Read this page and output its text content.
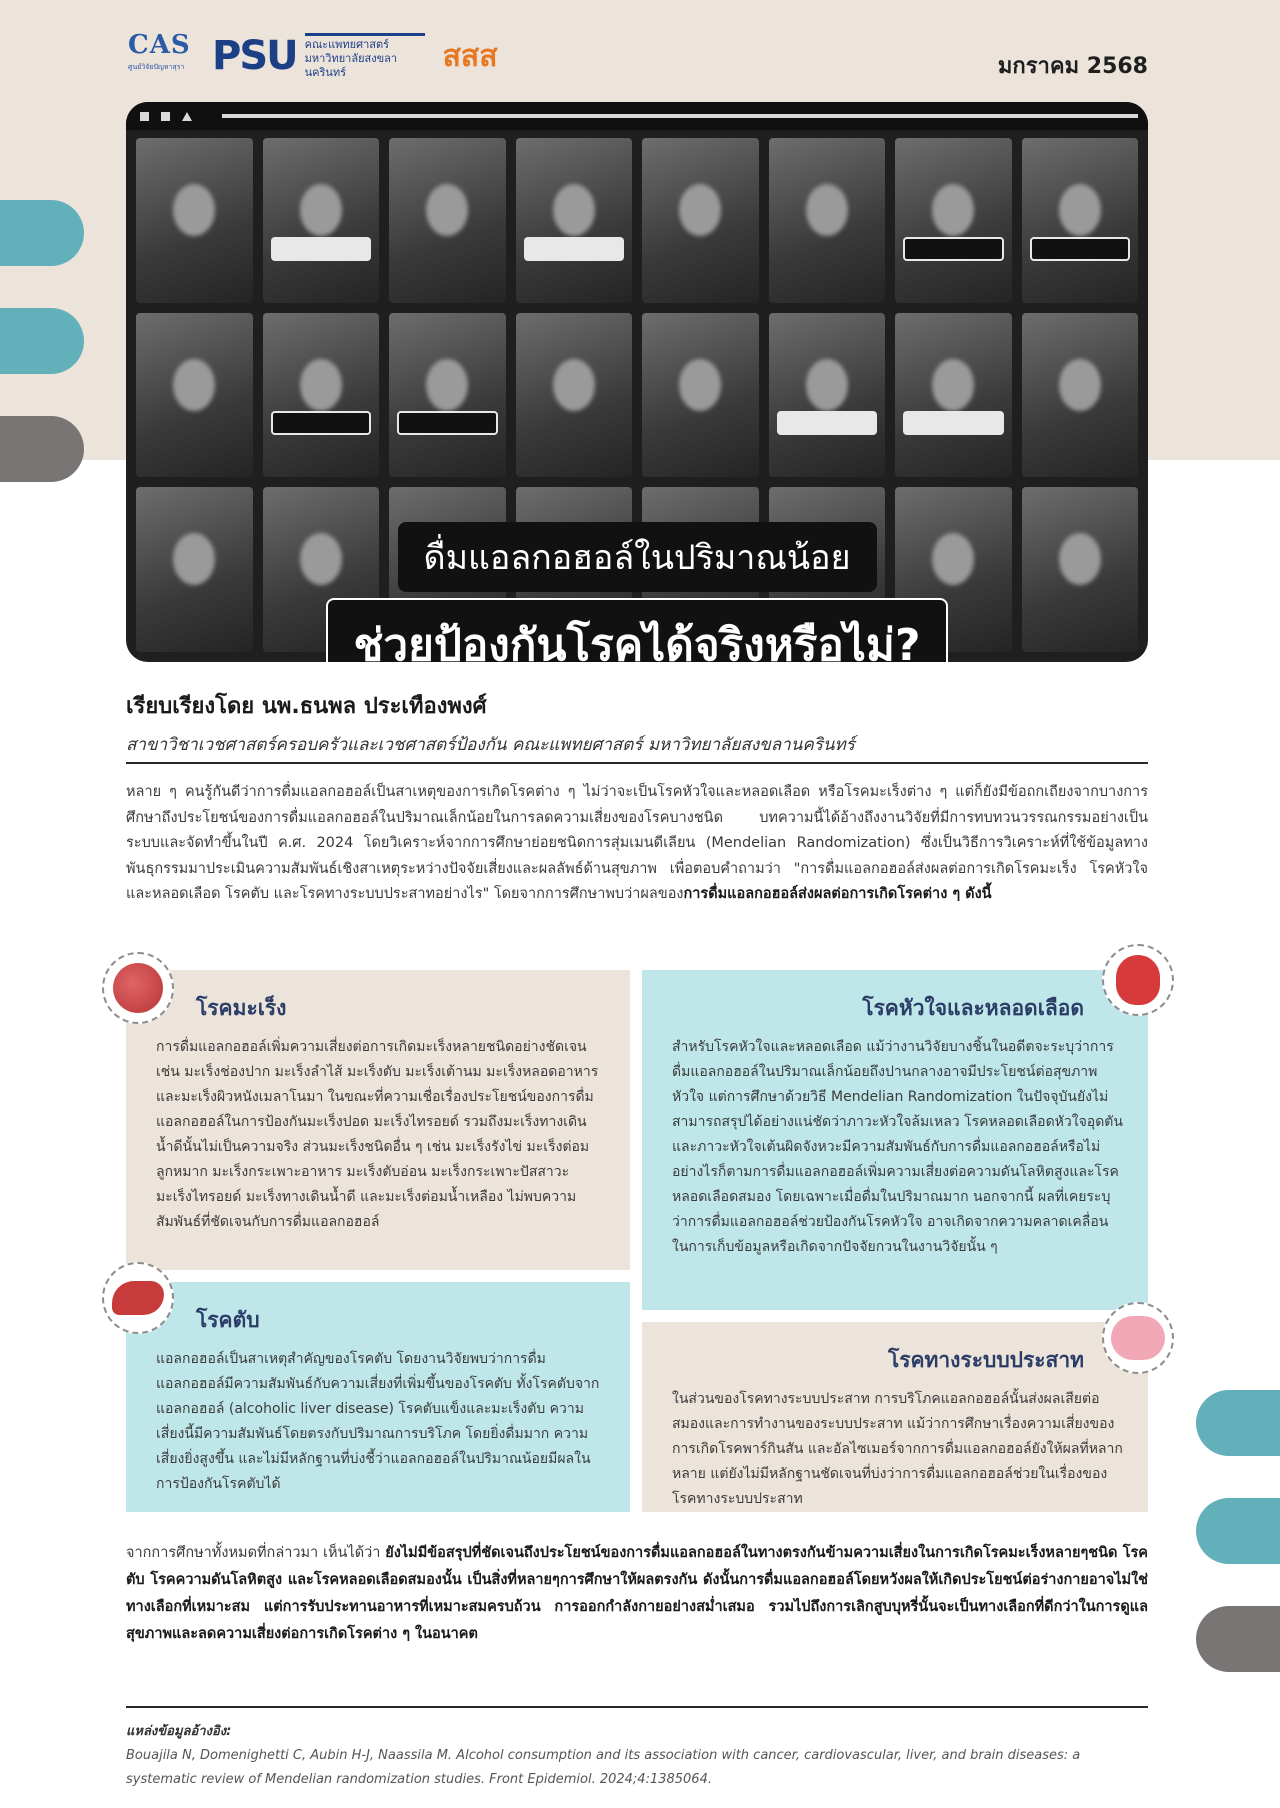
CAS
ศูนย์วิจัยปัญหาสุรา PSU คณะแพทยศาสตร์ มหาวิทยาลัยสงขลานครินทร์	สสส	มกราคม 2568
ดื่มแอลกอฮอล์ในปริมาณน้อย
ช่วยป้องกันโรคได้จริงหรือไม่?
เรียบเรียงโดย นพ.ธนพล ประเทืองพงศ์
สาขาวิชาเวชศาสตร์ครอบครัวและเวชศาสตร์ป้องกัน คณะแพทยศาสตร์ มหาวิทยาลัยสงขลานครินทร์
หลาย ๆ คนรู้กันดีว่าการดื่มแอลกอฮอล์เป็นสาเหตุของการเกิดโรคต่าง ๆ ไม่ว่าจะเป็นโรคหัวใจและหลอดเลือด หรือโรคมะเร็งต่าง ๆ แต่ก็ยังมีข้อถกเถียงจากบางการศึกษาถึงประโยชน์ของการดื่มแอลกอฮอล์ในปริมาณเล็กน้อยในการลดความเสี่ยงของโรคบางชนิด บทความนี้ได้อ้างถึงงานวิจัยที่มีการทบทวนวรรณกรรมอย่างเป็นระบบและจัดทำขึ้นในปี ค.ศ. 2024 โดยวิเคราะห์จากการศึกษาย่อยชนิดการสุ่มเมนดีเลียน (Mendelian Randomization) ซึ่งเป็นวิธีการวิเคราะห์ที่ใช้ข้อมูลทางพันธุกรรมมาประเมินความสัมพันธ์เชิงสาเหตุระหว่างปัจจัยเสี่ยงและผลลัพธ์ด้านสุขภาพ เพื่อตอบคำถามว่า "การดื่มแอลกอฮอล์ส่งผลต่อการเกิดโรคมะเร็ง โรคหัวใจและหลอดเลือด โรคตับ และโรคทางระบบประสาทอย่างไร" โดยจากการศึกษาพบว่าผลของการดื่มแอลกอฮอล์ส่งผลต่อการเกิดโรคต่าง ๆ ดังนี้
โรคมะเร็ง
การดื่มแอลกอฮอล์เพิ่มความเสี่ยงต่อการเกิดมะเร็งหลายชนิดอย่างชัดเจน เช่น มะเร็งช่องปาก มะเร็งลำไส้ มะเร็งตับ มะเร็งเต้านม มะเร็งหลอดอาหาร และมะเร็งผิวหนังเมลาโนมา ในขณะที่ความเชื่อเรื่องประโยชน์ของการดื่มแอลกอฮอล์ในการป้องกันมะเร็งปอด มะเร็งไทรอยด์ รวมถึงมะเร็งทางเดินน้ำดีนั้นไม่เป็นความจริง ส่วนมะเร็งชนิดอื่น ๆ เช่น มะเร็งรังไข่ มะเร็งต่อมลูกหมาก มะเร็งกระเพาะอาหาร มะเร็งตับอ่อน มะเร็งกระเพาะปัสสาวะ มะเร็งไทรอยด์ มะเร็งทางเดินน้ำดี และมะเร็งต่อมน้ำเหลือง ไม่พบความสัมพันธ์ที่ชัดเจนกับการดื่มแอลกอฮอล์
โรคตับ
แอลกอฮอล์เป็นสาเหตุสำคัญของโรคตับ โดยงานวิจัยพบว่าการดื่มแอลกอฮอล์มีความสัมพันธ์กับความเสี่ยงที่เพิ่มขึ้นของโรคตับ ทั้งโรคตับจากแอลกอฮอล์ (alcoholic liver disease) โรคตับแข็งและมะเร็งตับ ความเสี่ยงนี้มีความสัมพันธ์โดยตรงกับปริมาณการบริโภค โดยยิ่งดื่มมาก ความเสี่ยงยิ่งสูงขึ้น และไม่มีหลักฐานที่บ่งชี้ว่าแอลกอฮอล์ในปริมาณน้อยมีผลในการป้องกันโรคตับได้
โรคหัวใจและหลอดเลือด
สำหรับโรคหัวใจและหลอดเลือด แม้ว่างานวิจัยบางชิ้นในอดีตจะระบุว่าการดื่มแอลกอฮอล์ในปริมาณเล็กน้อยถึงปานกลางอาจมีประโยชน์ต่อสุขภาพหัวใจ แต่การศึกษาด้วยวิธี Mendelian Randomization ในปัจจุบันยังไม่สามารถสรุปได้อย่างแน่ชัดว่าภาวะหัวใจล้มเหลว โรคหลอดเลือดหัวใจอุดตัน และภาวะหัวใจเต้นผิดจังหวะมีความสัมพันธ์กับการดื่มแอลกอฮอล์หรือไม่ อย่างไรก็ตามการดื่มแอลกอฮอล์เพิ่มความเสี่ยงต่อความดันโลหิตสูงและโรคหลอดเลือดสมอง โดยเฉพาะเมื่อดื่มในปริมาณมาก นอกจากนี้ ผลที่เคยระบุว่าการดื่มแอลกอฮอล์ช่วยป้องกันโรคหัวใจ อาจเกิดจากความคลาดเคลื่อนในการเก็บข้อมูลหรือเกิดจากปัจจัยกวนในงานวิจัยนั้น ๆ
โรคทางระบบประสาท
ในส่วนของโรคทางระบบประสาท การบริโภคแอลกอฮอล์นั้นส่งผลเสียต่อสมองและการทำงานของระบบประสาท แม้ว่าการศึกษาเรื่องความเสี่ยงของการเกิดโรคพาร์กินสัน และอัลไซเมอร์จากการดื่มแอลกอฮอล์ยังให้ผลที่หลากหลาย แต่ยังไม่มีหลักฐานชัดเจนที่บ่งว่าการดื่มแอลกอฮอล์ช่วยในเรื่องของโรคทางระบบประสาท
จากการศึกษาทั้งหมดที่กล่าวมา เห็นได้ว่า ยังไม่มีข้อสรุปที่ชัดเจนถึงประโยชน์ของการดื่มแอลกอฮอล์ในทางตรงกันข้ามความเสี่ยงในการเกิดโรคมะเร็งหลายๆชนิด โรคตับ โรคความดันโลหิตสูง และโรคหลอดเลือดสมองนั้น เป็นสิ่งที่หลายๆการศึกษาให้ผลตรงกัน ดังนั้นการดื่มแอลกอฮอล์โดยหวังผลให้เกิดประโยชน์ต่อร่างกายอาจไม่ใช่ทางเลือกที่เหมาะสม แต่การรับประทานอาหารที่เหมาะสมครบถ้วน การออกกำลังกายอย่างสม่ำเสมอ รวมไปถึงการเลิกสูบบุหรี่นั้นจะเป็นทางเลือกที่ดีกว่าในการดูแลสุขภาพและลดความเสี่ยงต่อการเกิดโรคต่าง ๆ ในอนาคต
แหล่งข้อมูลอ้างอิง:
Bouajila N, Domenighetti C, Aubin H-J, Naassila M. Alcohol consumption and its association with cancer, cardiovascular, liver, and brain diseases: a systematic review of Mendelian randomization studies. Front Epidemiol. 2024;4:1385064.
